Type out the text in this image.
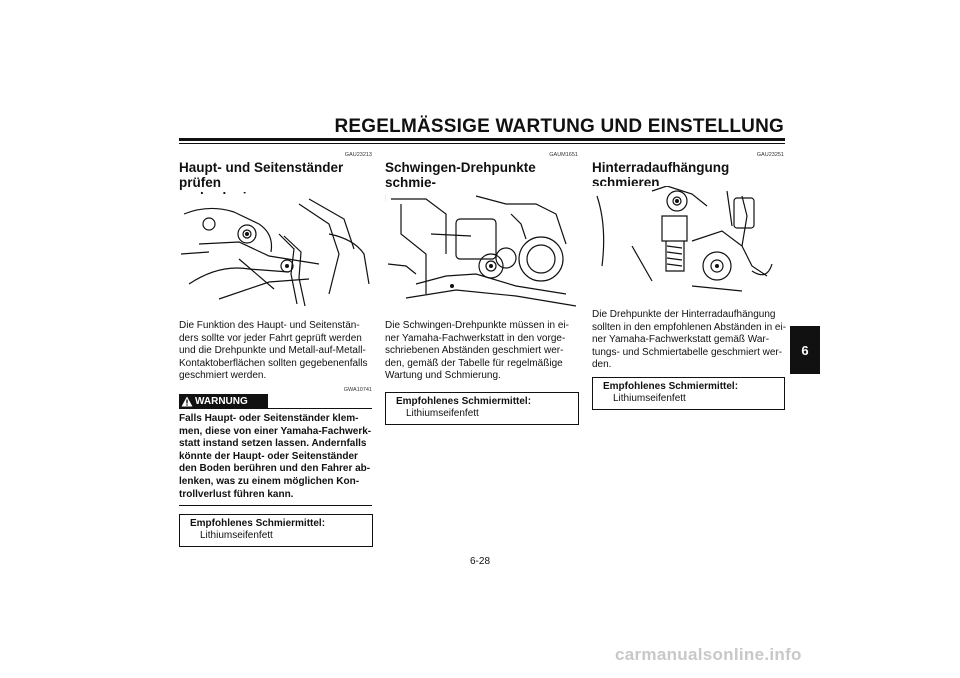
REGELMÄSSIGE WARTUNG UND EINSTELLUNG
6
GAU23213
Haupt- und Seitenständer prüfen
und schmieren
Die Funktion des Haupt- und Seitenstän-
ders sollte vor jeder Fahrt geprüft werden
und die Drehpunkte und Metall-auf-Metall-
Kontaktoberflächen sollten gegebenenfalls
geschmiert werden.
GWA10741
WARNUNG
Falls Haupt- oder Seitenständer klem-
men, diese von einer Yamaha-Fachwerk-
statt instand setzen lassen. Andernfalls
könnte der Haupt- oder Seitenständer
den Boden berühren und den Fahrer ab-
lenken, was zu einem möglichen Kon-
trollverlust führen kann.
Empfohlenes Schmiermittel:
Lithiumseifenfett
GAUM1651
Schwingen-Drehpunkte schmie-
ren
Die Schwingen-Drehpunkte müssen in ei-
ner Yamaha-Fachwerkstatt in den vorge-
schriebenen Abständen geschmiert wer-
den, gemäß der Tabelle für regelmäßige
Wartung und Schmierung.
Empfohlenes Schmiermittel:
Lithiumseifenfett
GAU23251
Hinterradaufhängung schmieren
Die Drehpunkte der Hinterradaufhängung
sollten in den empfohlenen Abständen in ei-
ner Yamaha-Fachwerkstatt gemäß War-
tungs- und Schmiertabelle geschmiert wer-
den.
Empfohlenes Schmiermittel:
Lithiumseifenfett
6-28
carmanualsonline.info
